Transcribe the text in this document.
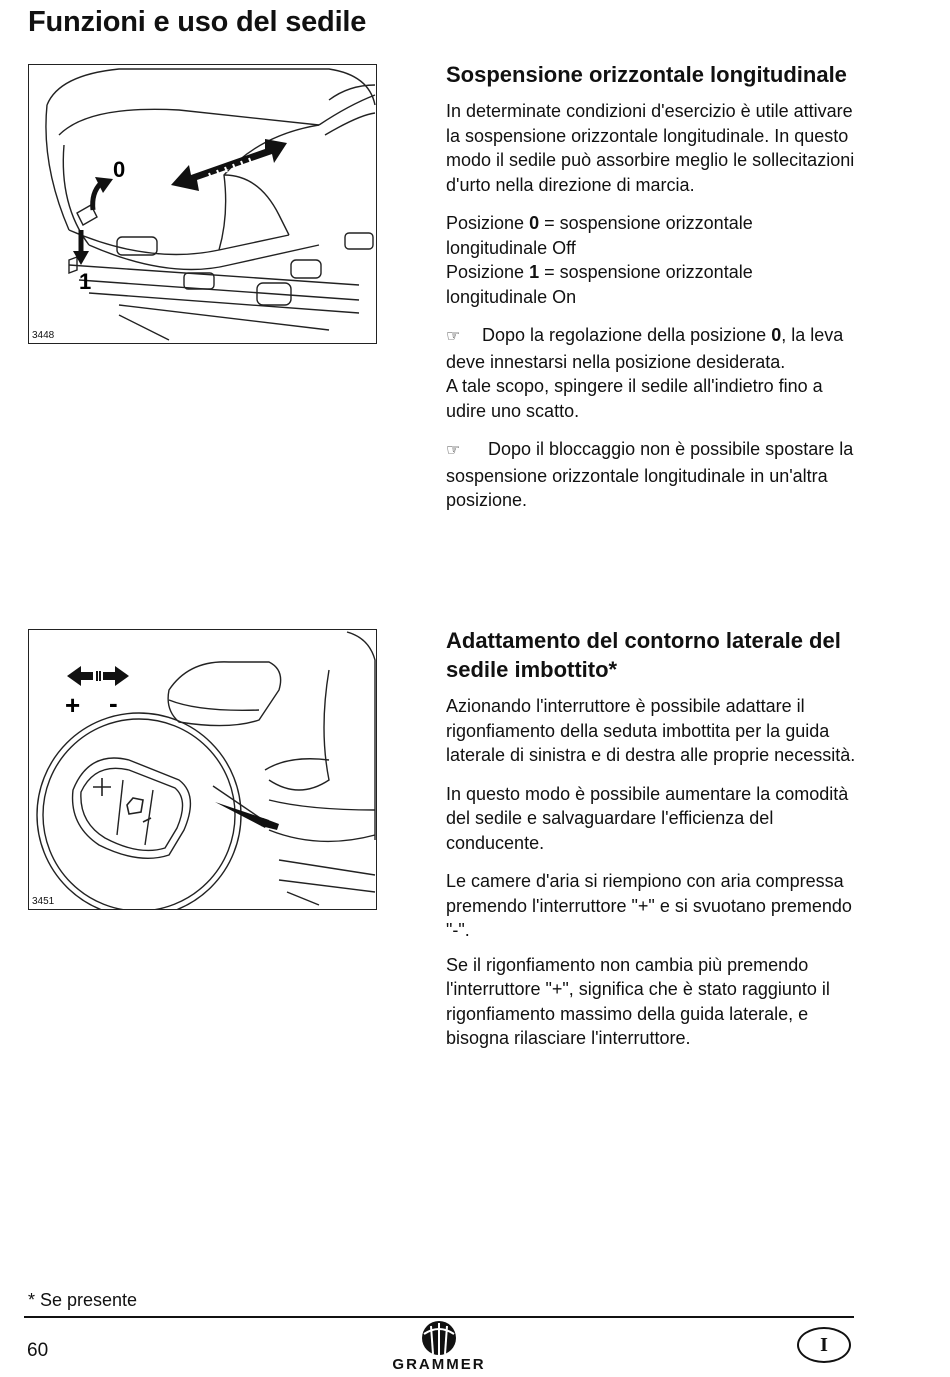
Funzioni e uso del sedile
0
1
3448
+ -
3451
Sospensione orizzontale longitudinale

In determinate condizioni d'esercizio è utile attivare la sospensione orizzontale longitudinale. In questo modo il sedile può assorbire meglio le sollecitazioni d'urto nella direzione di marcia.

Posizione 0 = sospensione orizzontale longitudinale Off
Posizione 1 = sospensione orizzontale longitudinale On

☞ Dopo la regolazione della posizione 0, la leva deve innestarsi nella posizione desiderata.
A tale scopo, spingere il sedile all'indietro fino a udire uno scatto.

☞ Dopo il bloccaggio non è possibile spostare la sospensione orizzontale longitudinale in un'altra posizione.

Adattamento del contorno laterale del sedile imbottito*

Azionando l'interruttore è possibile adattare il rigonfiamento della seduta imbottita per la guida laterale di sinistra e di destra alle proprie necessità.

In questo modo è possibile aumentare la comodità del sedile e salvaguardare l'efficienza del conducente.

Le camere d'aria si riempiono con aria compressa premendo l'interruttore "+" e si svuotano premendo "-".

Se il rigonfiamento non cambia più premendo l'interruttore "+", significa che è stato raggiunto il rigonfiamento massimo della guida laterale, e bisogna rilasciare l'interruttore.

* Se presente
60
GRAMMER
I
